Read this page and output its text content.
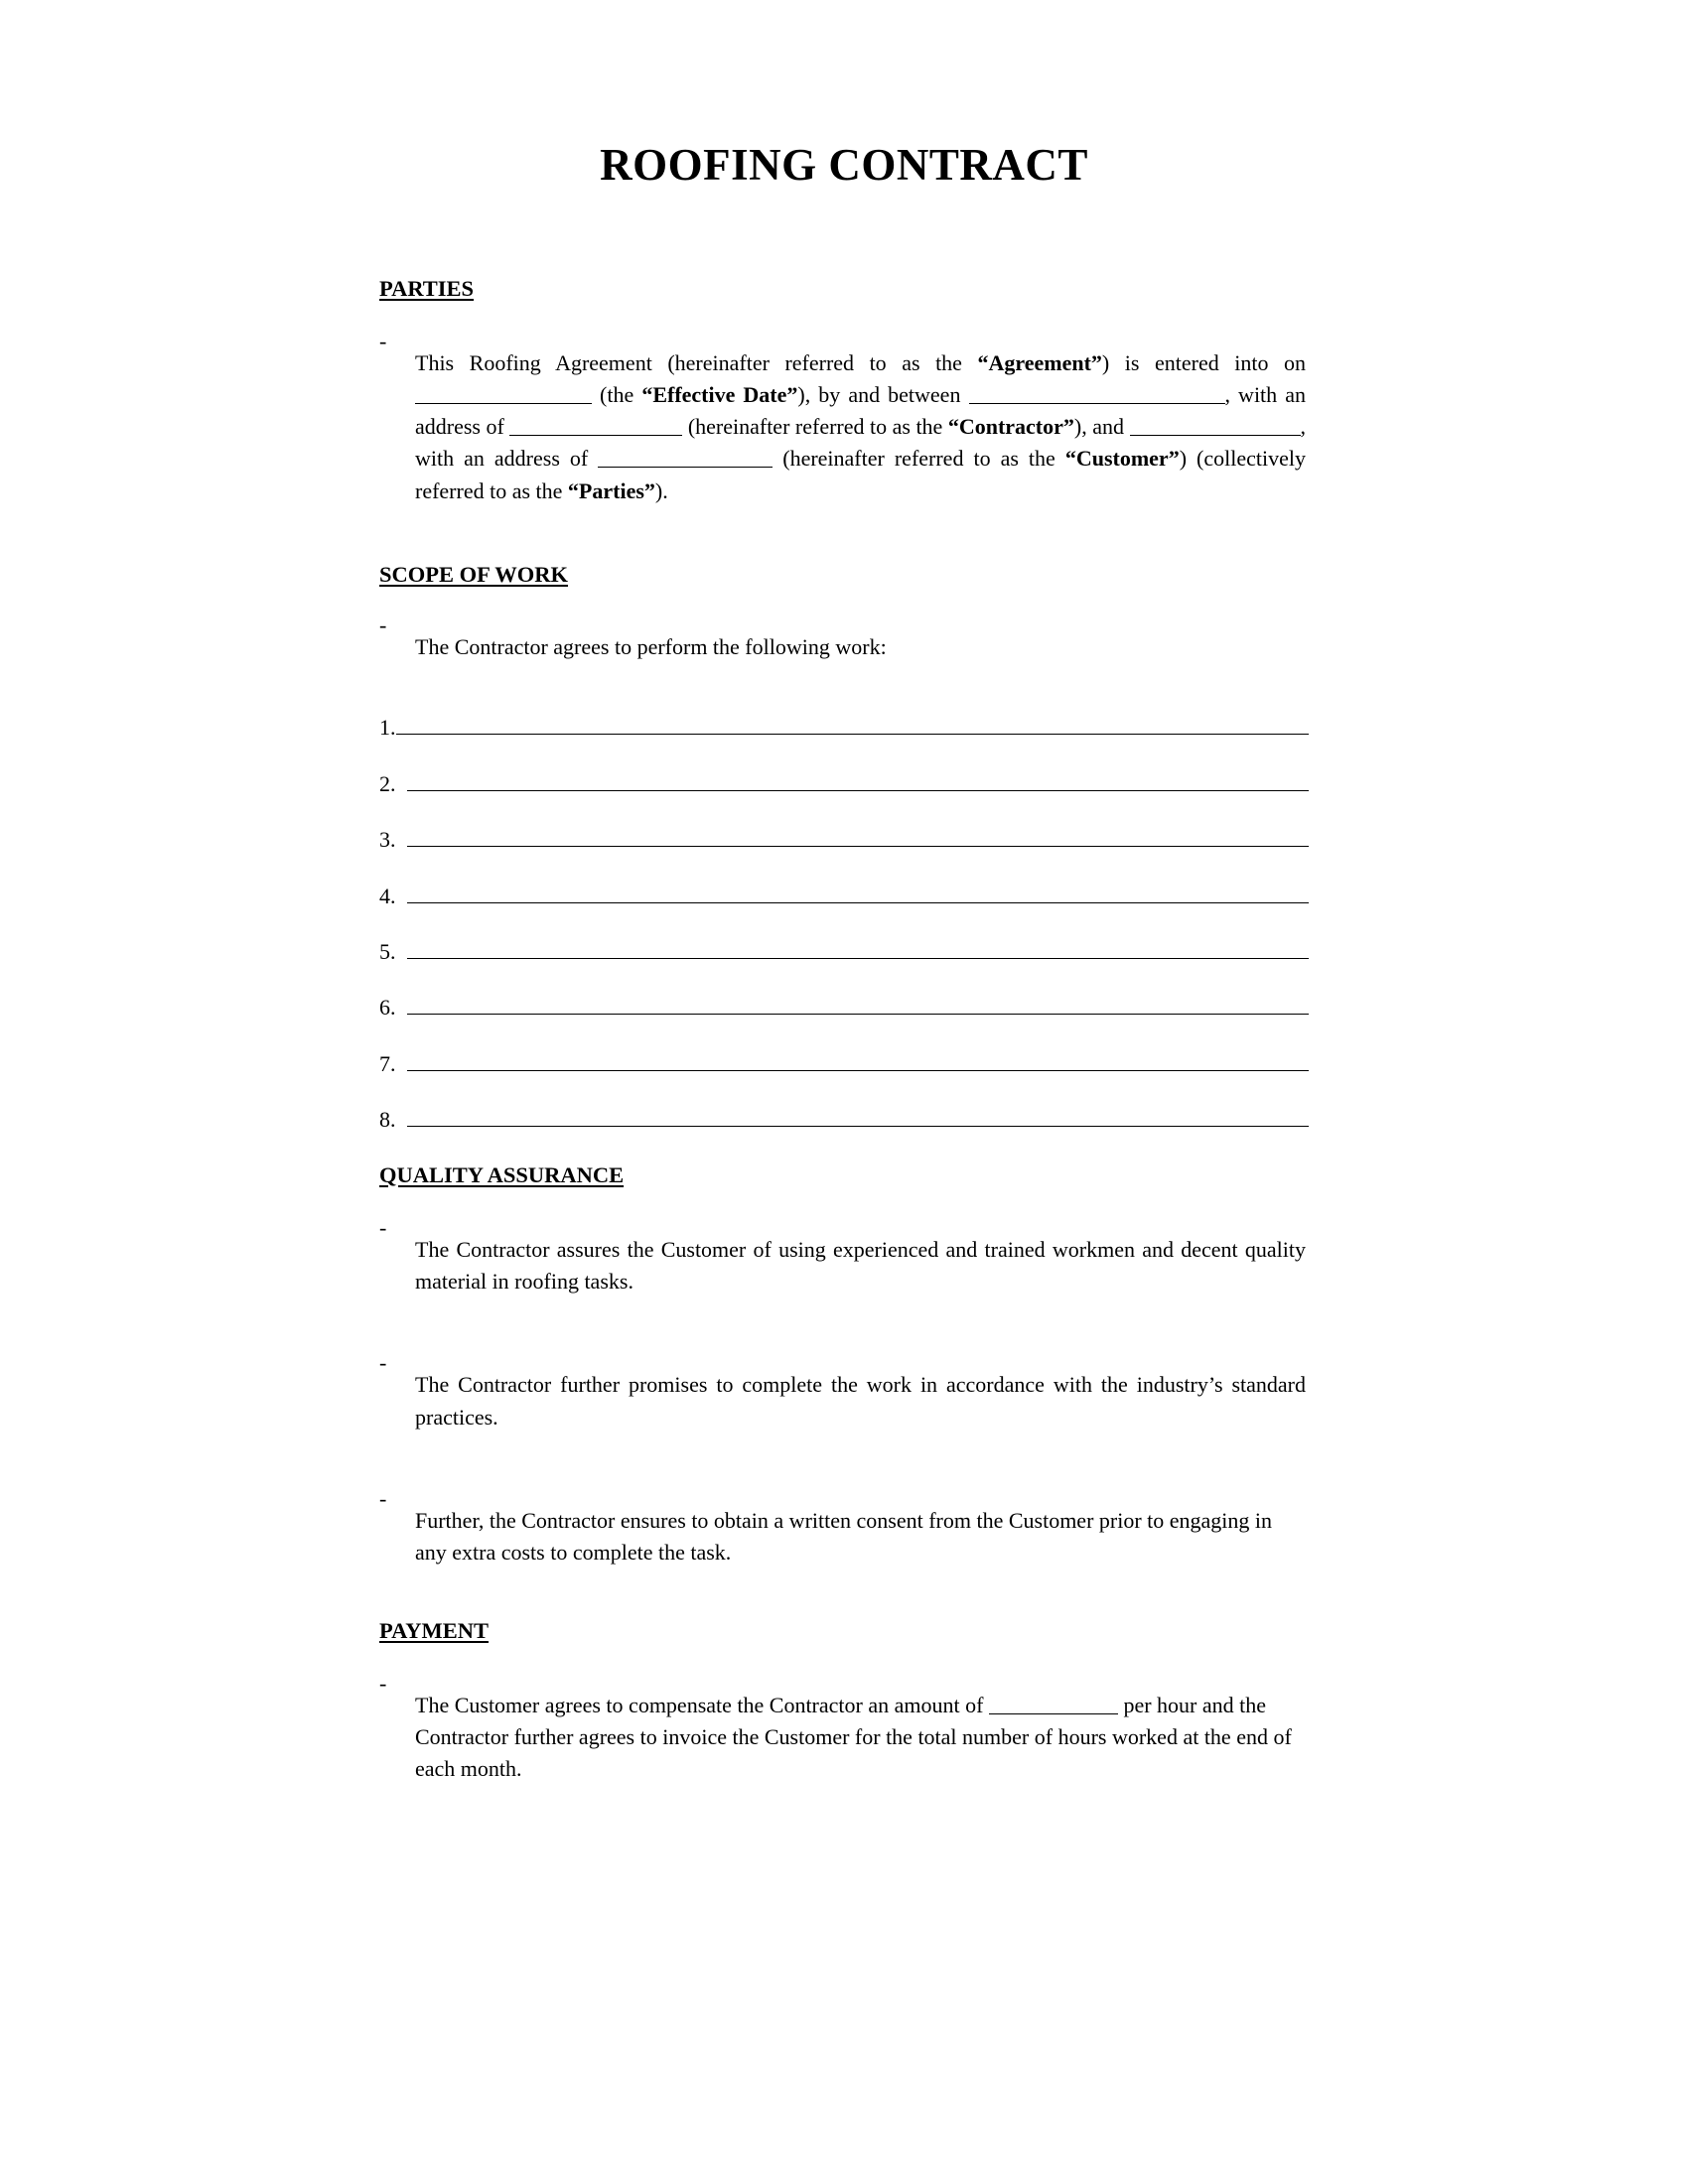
ROOFING CONTRACT
PARTIES
-

This Roofing Agreement (hereinafter referred to as the “Agreement”) is entered into on  (the “Effective Date”), by and between	, with an address of	(hereinafter referred to as the “Contractor”), and	, with an address of	(hereinafter referred to as the “Customer”) (collectively referred to as the “Parties”).

SCOPE OF WORK
-

The Contractor agrees to perform the following work:

1.
2.
3.
4.
5.
6.
7.
8.
QUALITY ASSURANCE
-

The Contractor assures the Customer of using experienced and trained workmen and decent quality material in roofing tasks.

-

The Contractor further promises to complete the work in accordance with the industry’s standard practices.

-

Further, the Contractor ensures to obtain a written consent from the Customer prior to engaging in any extra costs to complete the task.

PAYMENT
-

The Customer agrees to compensate the Contractor an amount of	per hour and the Contractor further agrees to invoice the Customer for the total number of hours worked at the end of each month.
